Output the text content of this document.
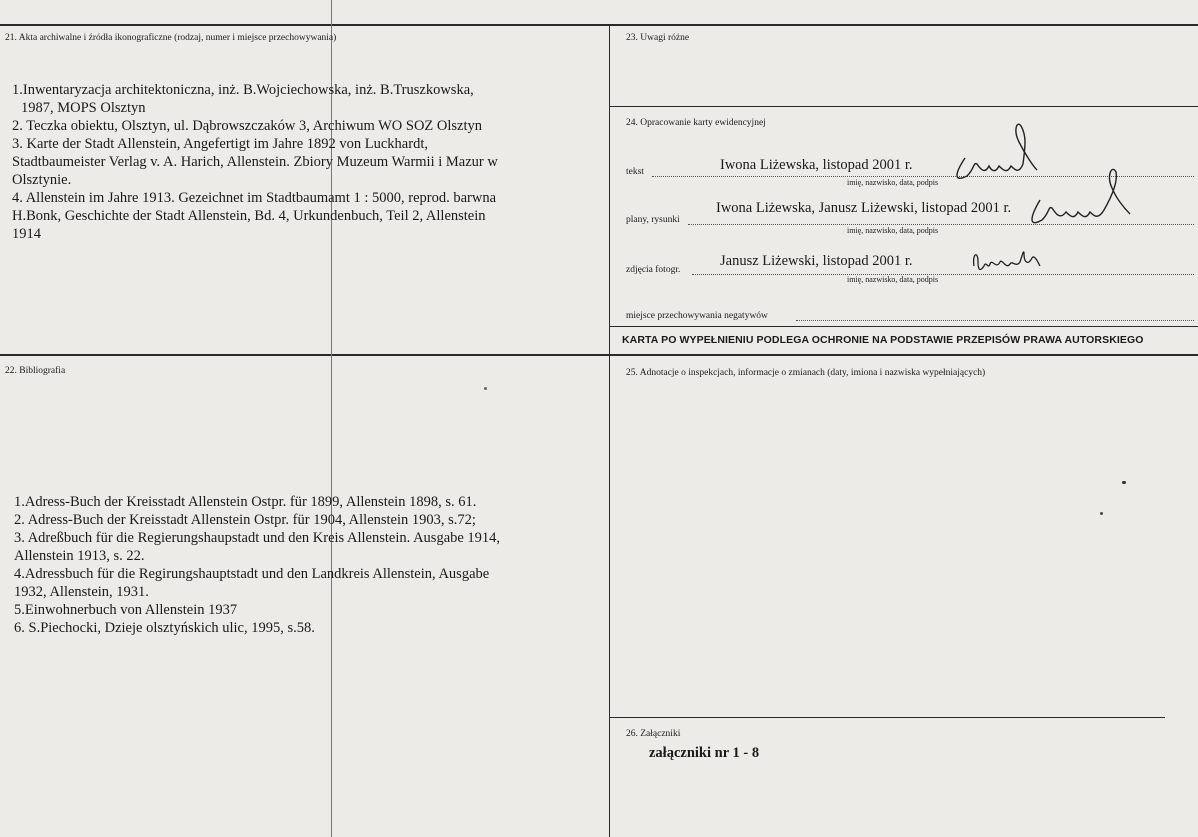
21. Akta archiwalne i źródła ikonograficzne (rodzaj, numer i miejsce przechowywania)
1.Inwentaryzacja architektoniczna, inż. B.Wojciechowska, inż. B.Truszkowska,
1987, MOPS Olsztyn
2. Teczka obiektu, Olsztyn, ul. Dąbrowszczaków 3, Archiwum WO SOZ Olsztyn
3. Karte der Stadt Allenstein, Angefertigt im Jahre 1892 von Luckhardt,
Stadtbaumeister Verlag v. A. Harich, Allenstein. Zbiory Muzeum Warmii i Mazur w
Olsztynie.
4. Allenstein im Jahre 1913. Gezeichnet im Stadtbaumamt 1 : 5000, reprod. barwna
H.Bonk, Geschichte der Stadt Allenstein, Bd. 4, Urkundenbuch, Teil 2, Allenstein
1914
22. Bibliografia
1.Adress-Buch der Kreisstadt Allenstein Ostpr. für 1899, Allenstein 1898, s. 61.
2. Adress-Buch der Kreisstadt Allenstein Ostpr. für 1904, Allenstein 1903, s.72;
3. Adreßbuch für die Regierungshaupstadt und den Kreis Allenstein. Ausgabe 1914,
Allenstein 1913, s. 22.
4.Adressbuch für die Regirungshauptstadt und den Landkreis Allenstein, Ausgabe
1932, Allenstein, 1931.
5.Einwohnerbuch von Allenstein 1937
6. S.Piechocki, Dzieje olsztyńskich ulic, 1995, s.58.
23. Uwagi różne
24. Opracowanie karty ewidencyjnej
tekst	Iwona Liżewska, listopad 2001 r.
imię, nazwisko, data, podpis
plany, rysunki
Iwona Liżewska, Janusz Liżewski, listopad 2001 r.
imię, nazwisko, data, podpis
zdjęcia fotogr.
Janusz Liżewski, listopad 2001 r.
imię, nazwisko, data, podpis
miejsce przechowywania negatywów
KARTA PO WYPEŁNIENIU PODLEGA OCHRONIE NA PODSTAWIE PRZEPISÓW PRAWA AUTORSKIEGO
25. Adnotacje o inspekcjach, informacje o zmianach (daty, imiona i nazwiska wypełniających)
26. Załączniki
załączniki nr 1 - 8
